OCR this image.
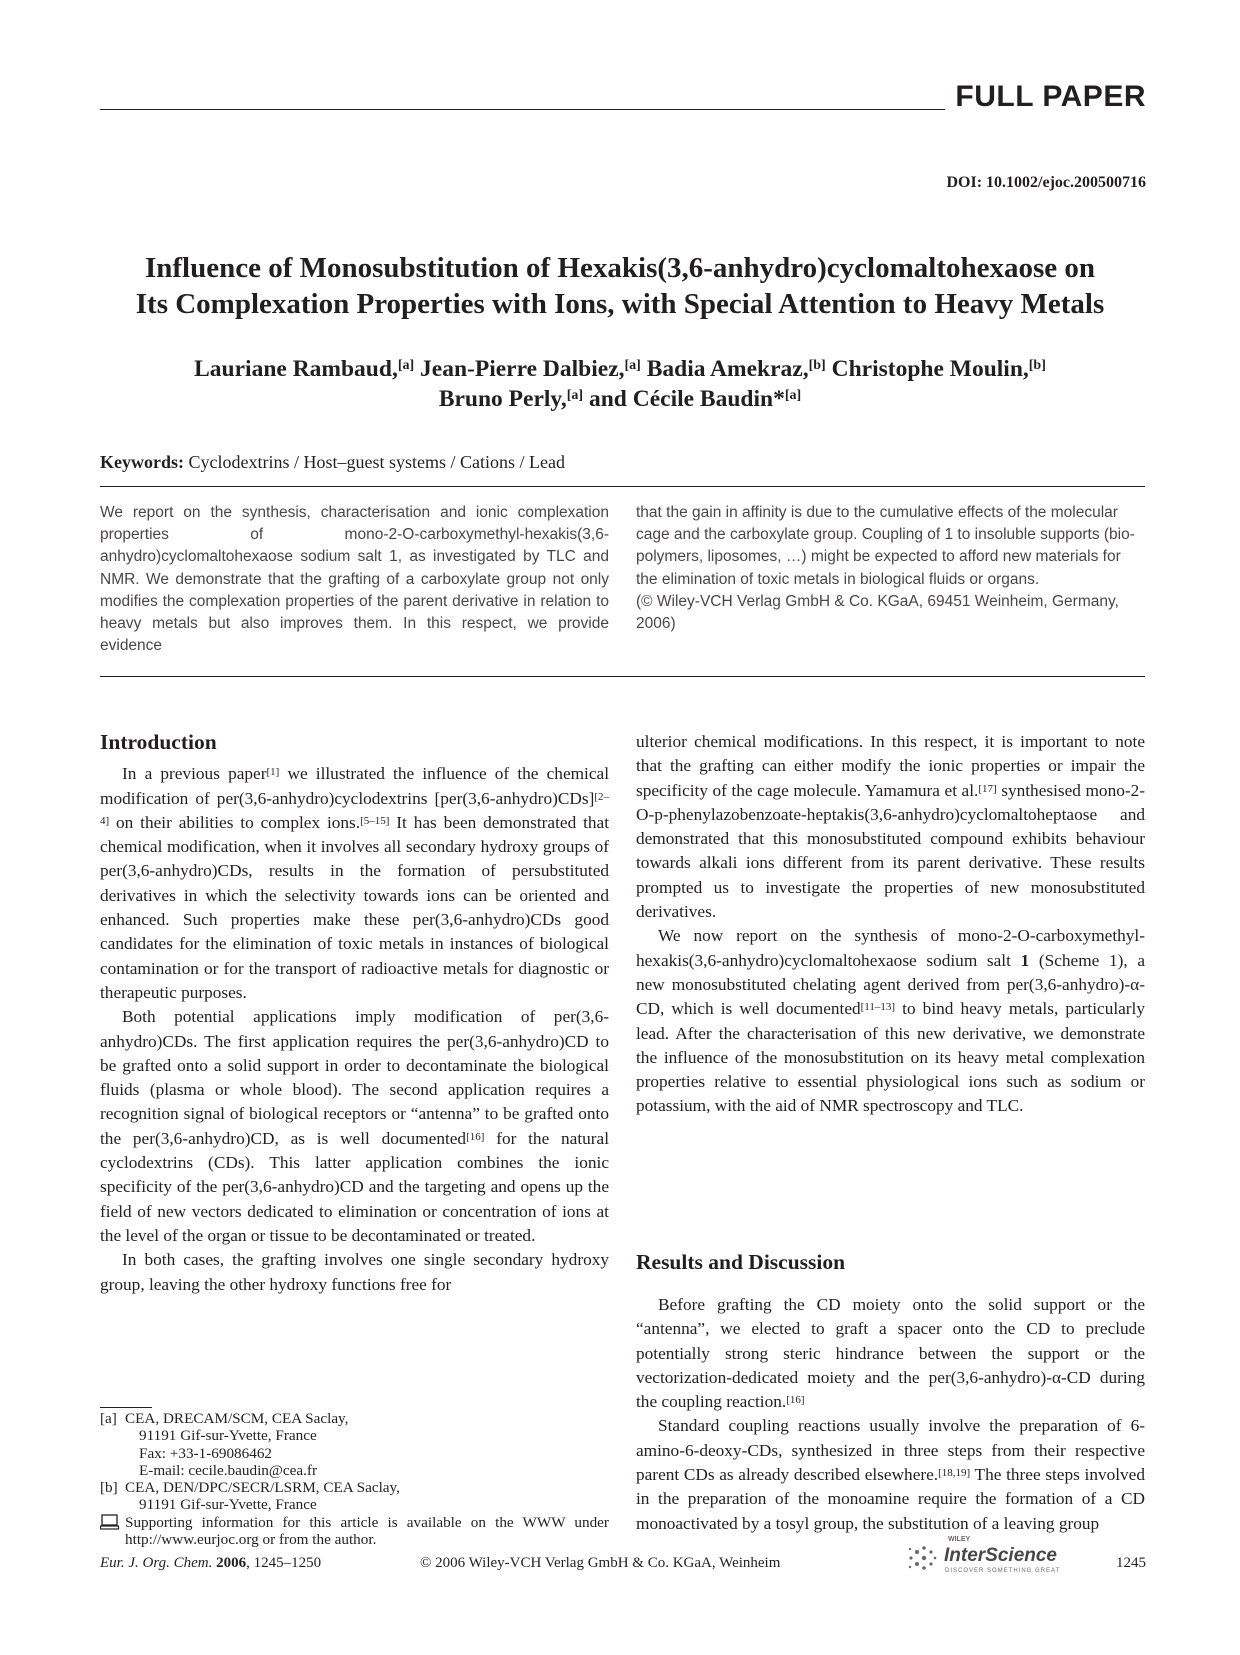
FULL PAPER
DOI: 10.1002/ejoc.200500716
Influence of Monosubstitution of Hexakis(3,6-anhydro)cyclomaltohexaose on
Its Complexation Properties with Ions, with Special Attention to Heavy Metals
Lauriane Rambaud,[a] Jean-Pierre Dalbiez,[a] Badia Amekraz,[b] Christophe Moulin,[b]
Bruno Perly,[a] and Cécile Baudin*[a]
Keywords: Cyclodextrins / Host–guest systems / Cations / Lead
We report on the synthesis, characterisation and ionic complexation properties of mono-2-O-carboxymethyl-hexakis(3,6-anhydro)cyclomaltohexaose sodium salt 1, as investigated by TLC and NMR. We demonstrate that the grafting of a carboxylate group not only modifies the complexation properties of the parent derivative in relation to heavy metals but also improves them. In this respect, we provide evidence
that the gain in affinity is due to the cumulative effects of the molecular cage and the carboxylate group. Coupling of 1 to insoluble supports (bio-polymers, liposomes, …) might be expected to afford new materials for the elimination of toxic metals in biological fluids or organs.
(© Wiley-VCH Verlag GmbH & Co. KGaA, 69451 Weinheim, Germany, 2006)
Introduction

In a previous paper[1] we illustrated the influence of the chemical modification of per(3,6-anhydro)cyclodextrins [per(3,6-anhydro)CDs][2–4] on their abilities to complex ions.[5–15] It has been demonstrated that chemical modification, when it involves all secondary hydroxy groups of per(3,6-anhydro)CDs, results in the formation of persubstituted derivatives in which the selectivity towards ions can be oriented and enhanced. Such properties make these per(3,6-anhydro)CDs good candidates for the elimination of toxic metals in instances of biological contamination or for the transport of radioactive metals for diagnostic or therapeutic purposes.

Both potential applications imply modification of per(3,6-anhydro)CDs. The first application requires the per(3,6-anhydro)CD to be grafted onto a solid support in order to decontaminate the biological fluids (plasma or whole blood). The second application requires a recognition signal of biological receptors or “antenna” to be grafted onto the per(3,6-anhydro)CD, as is well documented[16] for the natural cyclodextrins (CDs). This latter application combines the ionic specificity of the per(3,6-anhydro)CD and the targeting and opens up the field of new vectors dedicated to elimination or concentration of ions at the level of the organ or tissue to be decontaminated or treated.

In both cases, the grafting involves one single secondary hydroxy group, leaving the other hydroxy functions free for

ulterior chemical modifications. In this respect, it is important to note that the grafting can either modify the ionic properties or impair the specificity of the cage molecule. Yamamura et al.[17] synthesised mono-2-O-p-phenylazobenzoate-heptakis(3,6-anhydro)cyclomaltoheptaose and demonstrated that this monosubstituted compound exhibits behaviour towards alkali ions different from its parent derivative. These results prompted us to investigate the properties of new monosubstituted derivatives.

We now report on the synthesis of mono-2-O-carboxymethyl-hexakis(3,6-anhydro)cyclomaltohexaose sodium salt 1 (Scheme 1), a new monosubstituted chelating agent derived from per(3,6-anhydro)-α-CD, which is well documented[11–13] to bind heavy metals, particularly lead. After the characterisation of this new derivative, we demonstrate the influence of the monosubstitution on its heavy metal complexation properties relative to essential physiological ions such as sodium or potassium, with the aid of NMR spectroscopy and TLC.

Results and Discussion

Before grafting the CD moiety onto the solid support or the “antenna”, we elected to graft a spacer onto the CD to preclude potentially strong steric hindrance between the support or the vectorization-dedicated moiety and the per(3,6-anhydro)-α-CD during the coupling reaction.[16]

Standard coupling reactions usually involve the preparation of 6-amino-6-deoxy-CDs, synthesized in three steps from their respective parent CDs as already described elsewhere.[18,19] The three steps involved in the preparation of the monoamine require the formation of a CD monoactivated by a tosyl group, the substitution of a leaving group

[a] CEA, DRECAM/SCM, CEA Saclay,
91191 Gif-sur-Yvette, France
Fax: +33-1-69086462
E-mail: cecile.baudin@cea.fr
[b] CEA, DEN/DPC/SECR/LSRM, CEA Saclay,
91191 Gif-sur-Yvette, France
Supporting information for this article is available on the WWW under http://www.eurjoc.org or from the author.
Eur. J. Org. Chem. 2006, 1245–1250	© 2006 Wiley-VCH Verlag GmbH & Co. KGaA, Weinheim
WILEY
InterScience
DISCOVER SOMETHING GREAT	1245
